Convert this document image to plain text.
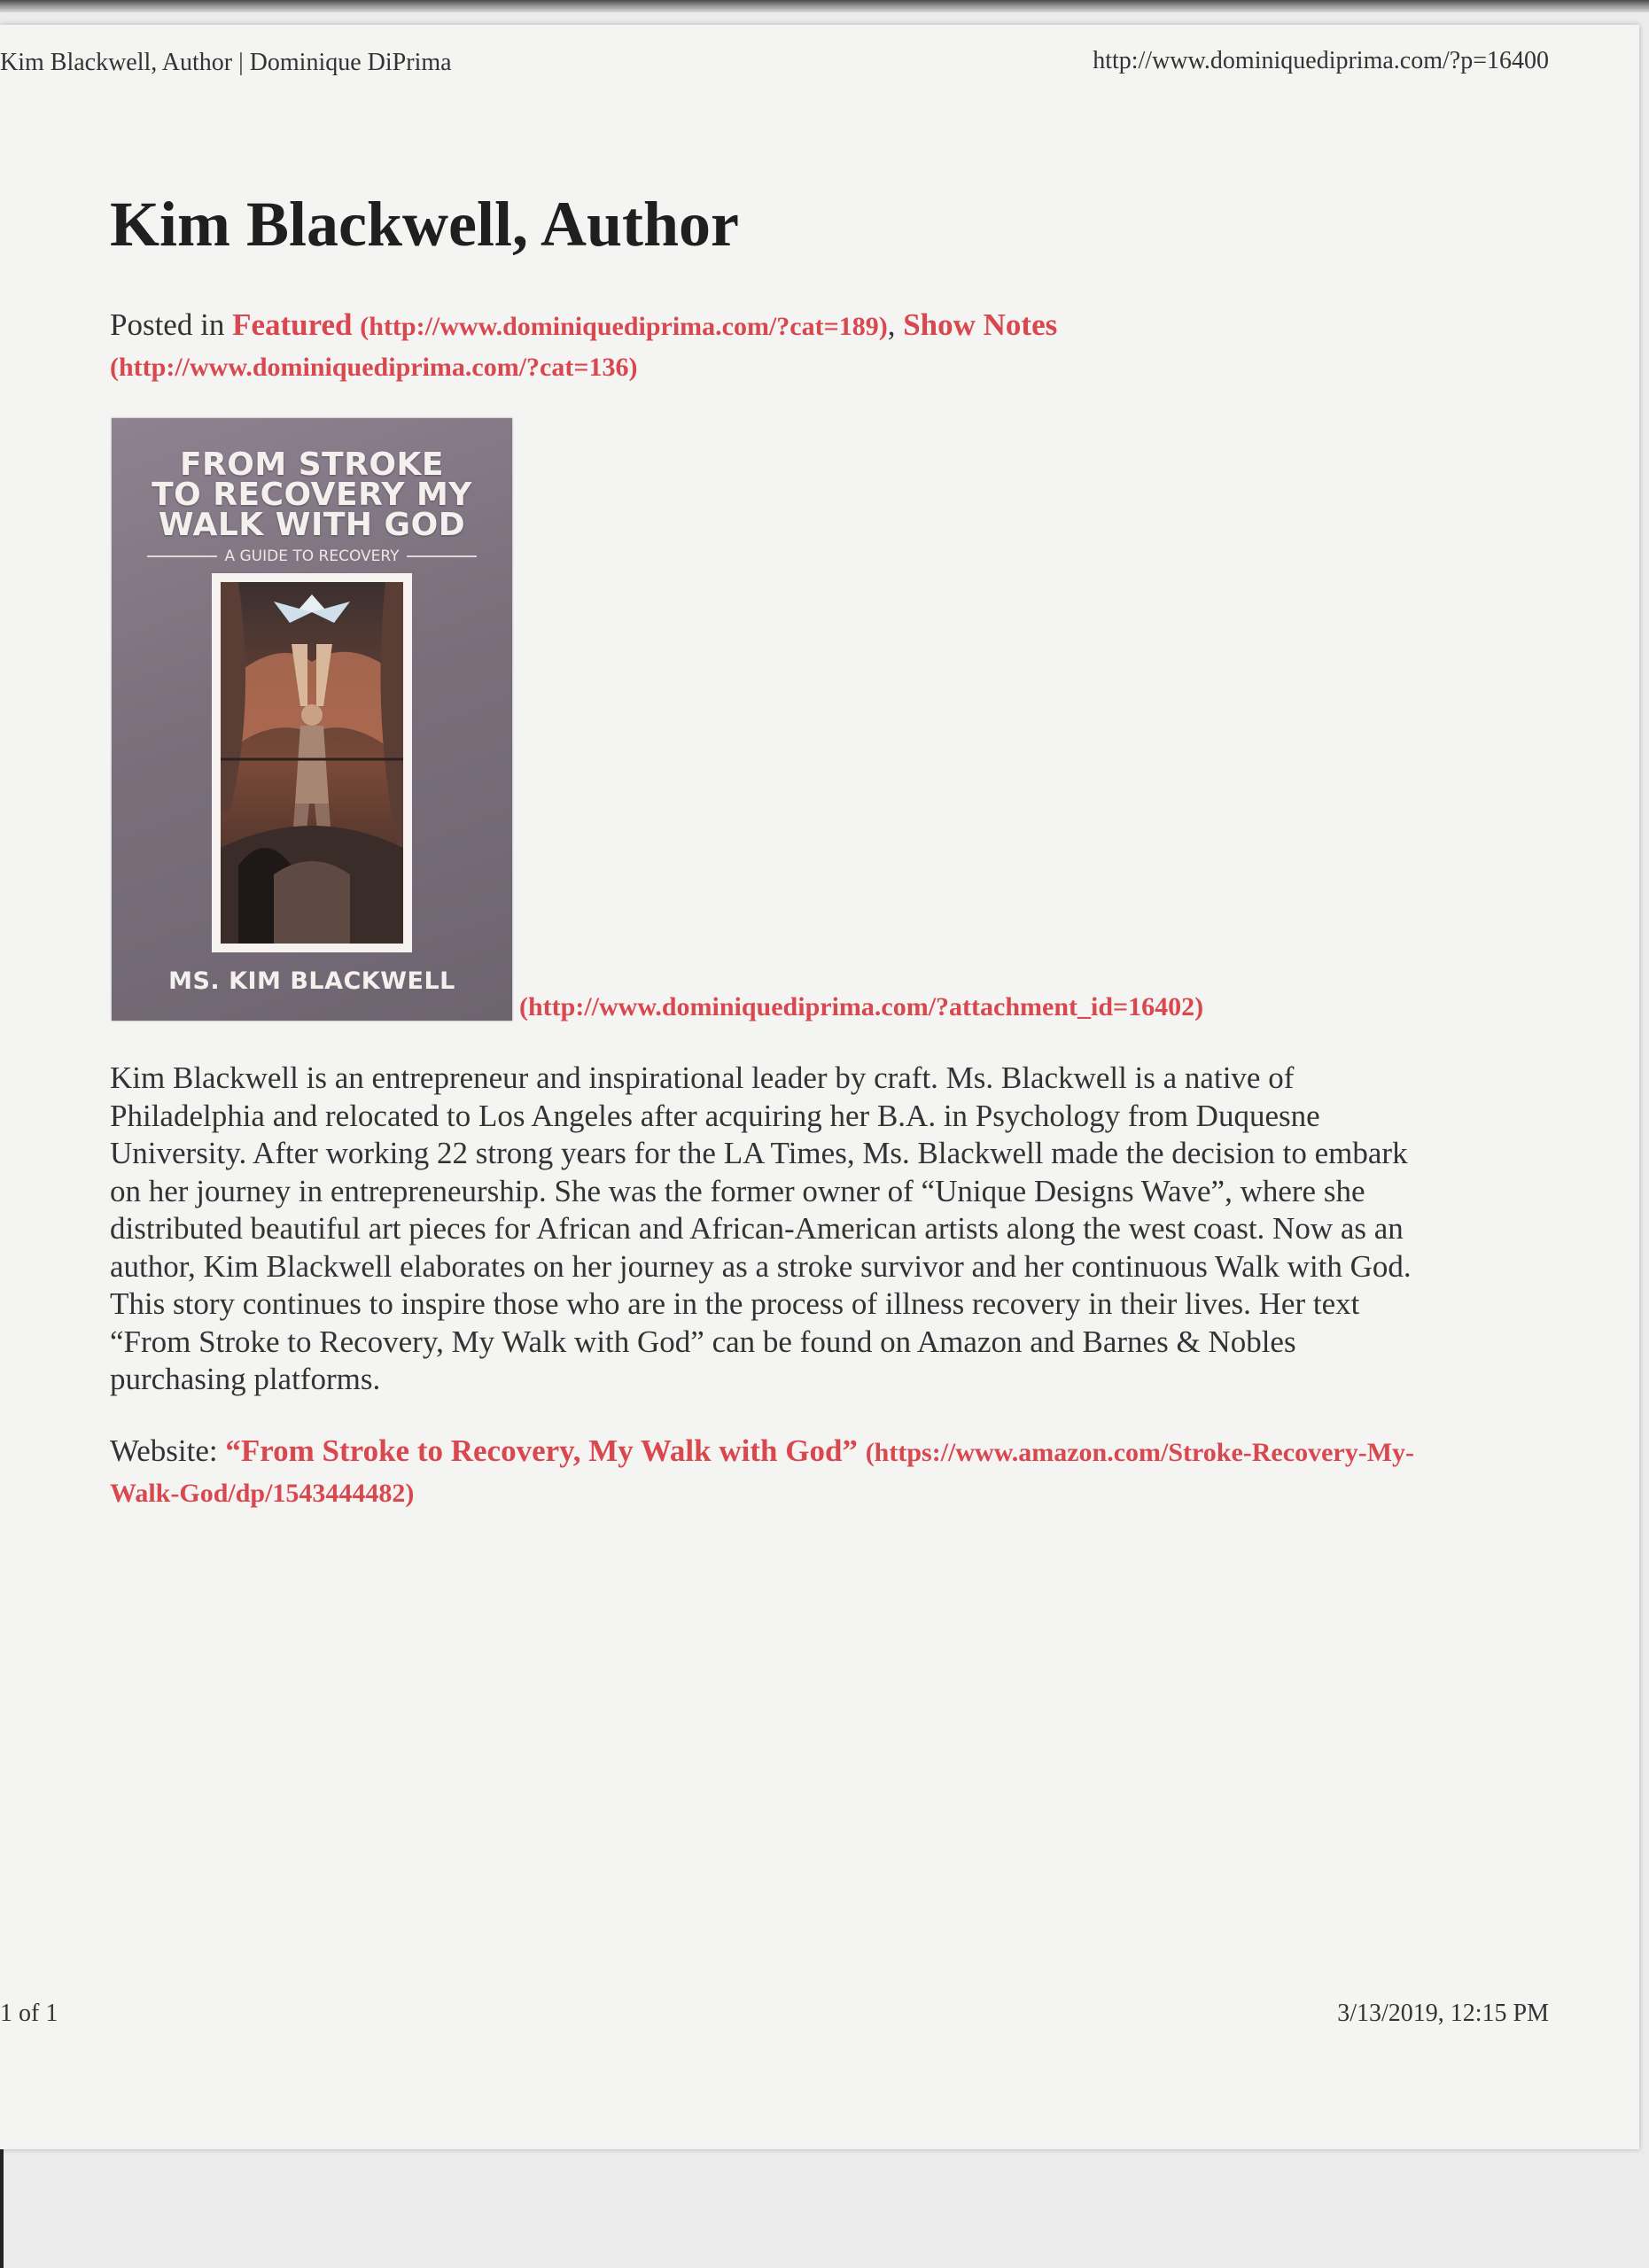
Kim Blackwell, Author | Dominique DiPrima	http://www.dominiquediprima.com/?p=16400
Kim Blackwell, Author
Posted in Featured (http://www.dominiquediprima.com/?cat=189), Show Notes
(http://www.dominiquediprima.com/?cat=136)
FROM STROKE
TO RECOVERY MY
WALK WITH GOD
A GUIDE TO RECOVERY
MS. KIM BLACKWELL
(http://www.dominiquediprima.com/?attachment_id=16402)

Kim Blackwell is an entrepreneur and inspirational leader by craft. Ms. Blackwell is a native of Philadelphia and relocated to Los Angeles after acquiring her B.A. in Psychology from Duquesne University. After working 22 strong years for the LA Times, Ms. Blackwell made the decision to embark on her journey in entrepreneurship. She was the former owner of “Unique Designs Wave”, where she distributed beautiful art pieces for African and African-American artists along the west coast. Now as an author, Kim Blackwell elaborates on her journey as a stroke survivor and her continuous Walk with God. This story continues to inspire those who are in the process of illness recovery in their lives. Her text “From Stroke to Recovery, My Walk with God” can be found on Amazon and Barnes & Nobles purchasing platforms.

Website: “From Stroke to Recovery, My Walk with God” (https://www.amazon.com/Stroke-Recovery-My-Walk-God/dp/1543444482)
1 of 1	3/13/2019, 12:15 PM
